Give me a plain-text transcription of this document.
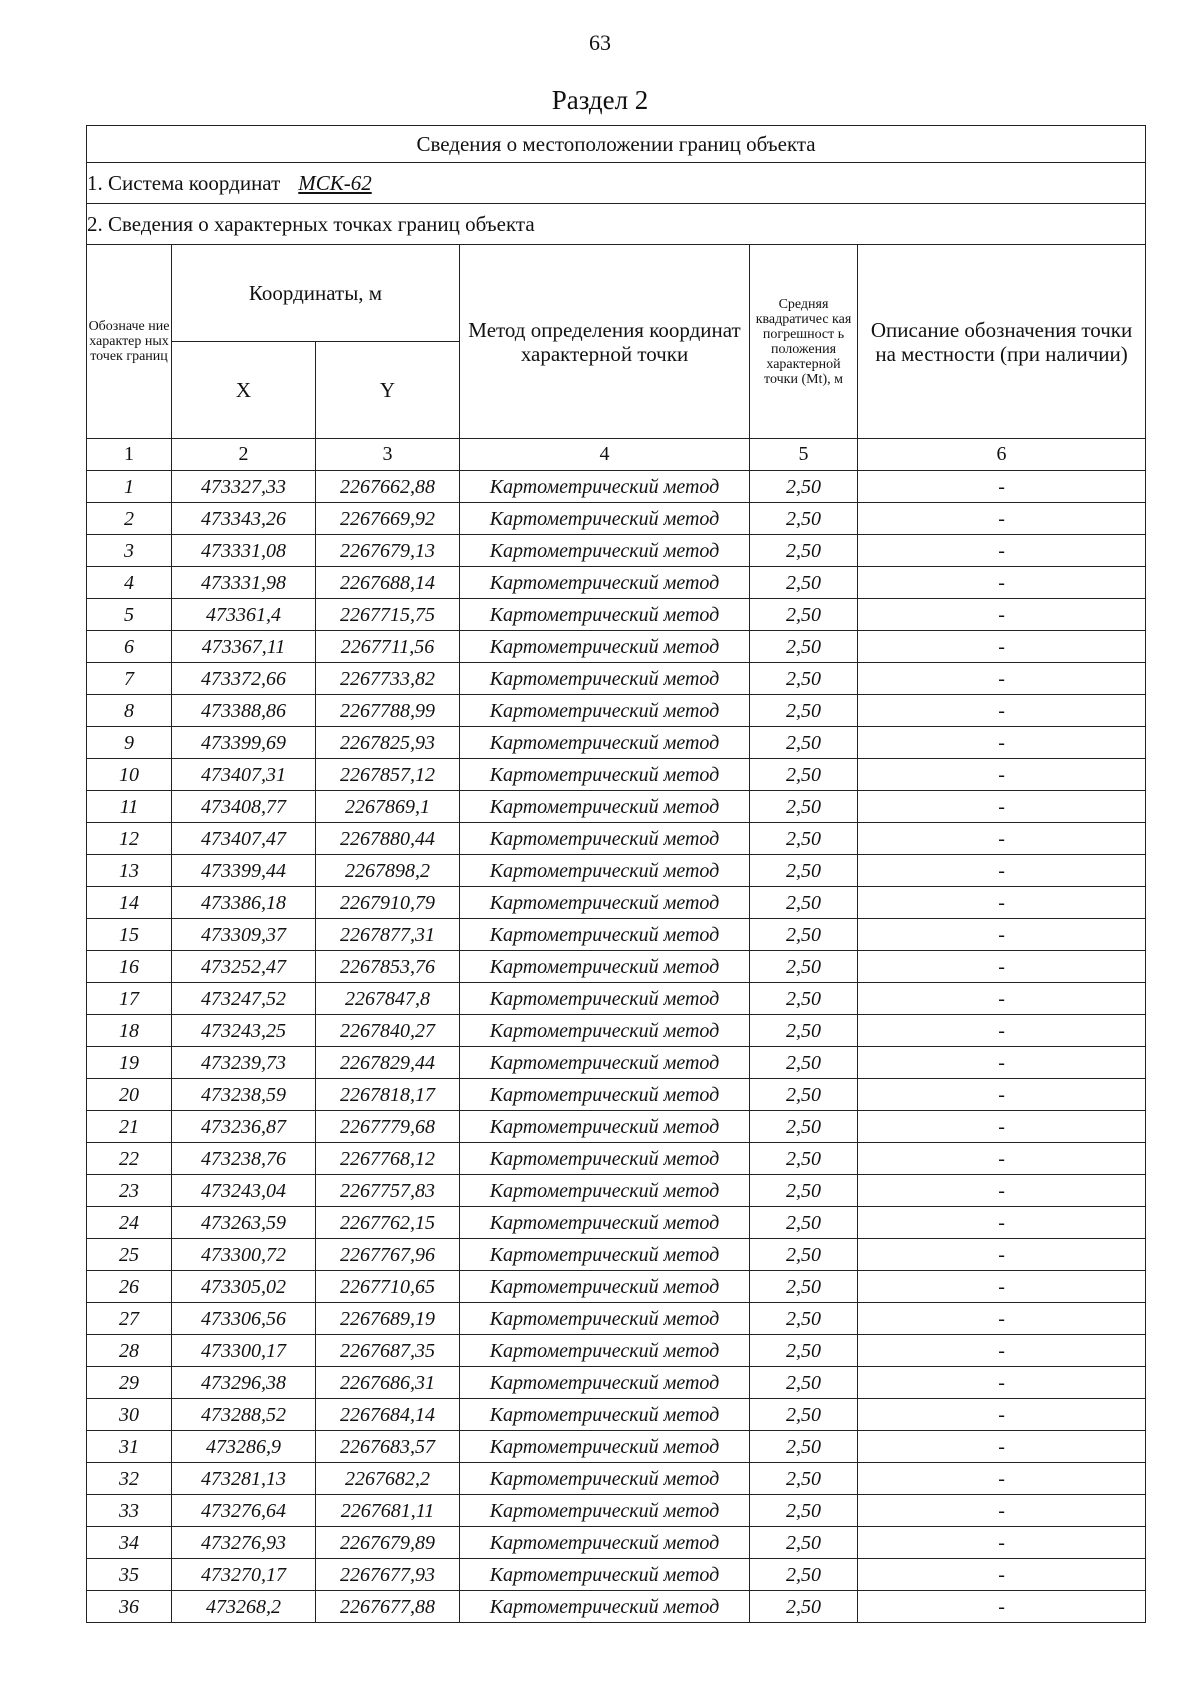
63
Раздел 2
Сведения о местоположении границ объекта					
1. Система координат МСК-62					
2. Сведения о характерных точках границ объекта					
Обозначе ние характер ных точек границ	Координаты, м		Метод определения координат характерной точки	Средняя квадратичес кая погрешност ь положения характерной точки (Mt), м	Описание обозначения точки на местности (при наличии)
	X	Y			
1	2	3	4	5	6
1	473327,33	2267662,88	Картометрический метод	2,50	-
2	473343,26	2267669,92	Картометрический метод	2,50	-
3	473331,08	2267679,13	Картометрический метод	2,50	-
4	473331,98	2267688,14	Картометрический метод	2,50	-
5	473361,4	2267715,75	Картометрический метод	2,50	-
6	473367,11	2267711,56	Картометрический метод	2,50	-
7	473372,66	2267733,82	Картометрический метод	2,50	-
8	473388,86	2267788,99	Картометрический метод	2,50	-
9	473399,69	2267825,93	Картометрический метод	2,50	-
10	473407,31	2267857,12	Картометрический метод	2,50	-
11	473408,77	2267869,1	Картометрический метод	2,50	-
12	473407,47	2267880,44	Картометрический метод	2,50	-
13	473399,44	2267898,2	Картометрический метод	2,50	-
14	473386,18	2267910,79	Картометрический метод	2,50	-
15	473309,37	2267877,31	Картометрический метод	2,50	-
16	473252,47	2267853,76	Картометрический метод	2,50	-
17	473247,52	2267847,8	Картометрический метод	2,50	-
18	473243,25	2267840,27	Картометрический метод	2,50	-
19	473239,73	2267829,44	Картометрический метод	2,50	-
20	473238,59	2267818,17	Картометрический метод	2,50	-
21	473236,87	2267779,68	Картометрический метод	2,50	-
22	473238,76	2267768,12	Картометрический метод	2,50	-
23	473243,04	2267757,83	Картометрический метод	2,50	-
24	473263,59	2267762,15	Картометрический метод	2,50	-
25	473300,72	2267767,96	Картометрический метод	2,50	-
26	473305,02	2267710,65	Картометрический метод	2,50	-
27	473306,56	2267689,19	Картометрический метод	2,50	-
28	473300,17	2267687,35	Картометрический метод	2,50	-
29	473296,38	2267686,31	Картометрический метод	2,50	-
30	473288,52	2267684,14	Картометрический метод	2,50	-
31	473286,9	2267683,57	Картометрический метод	2,50	-
32	473281,13	2267682,2	Картометрический метод	2,50	-
33	473276,64	2267681,11	Картометрический метод	2,50	-
34	473276,93	2267679,89	Картометрический метод	2,50	-
35	473270,17	2267677,93	Картометрический метод	2,50	-
36	473268,2	2267677,88	Картометрический метод	2,50	-
